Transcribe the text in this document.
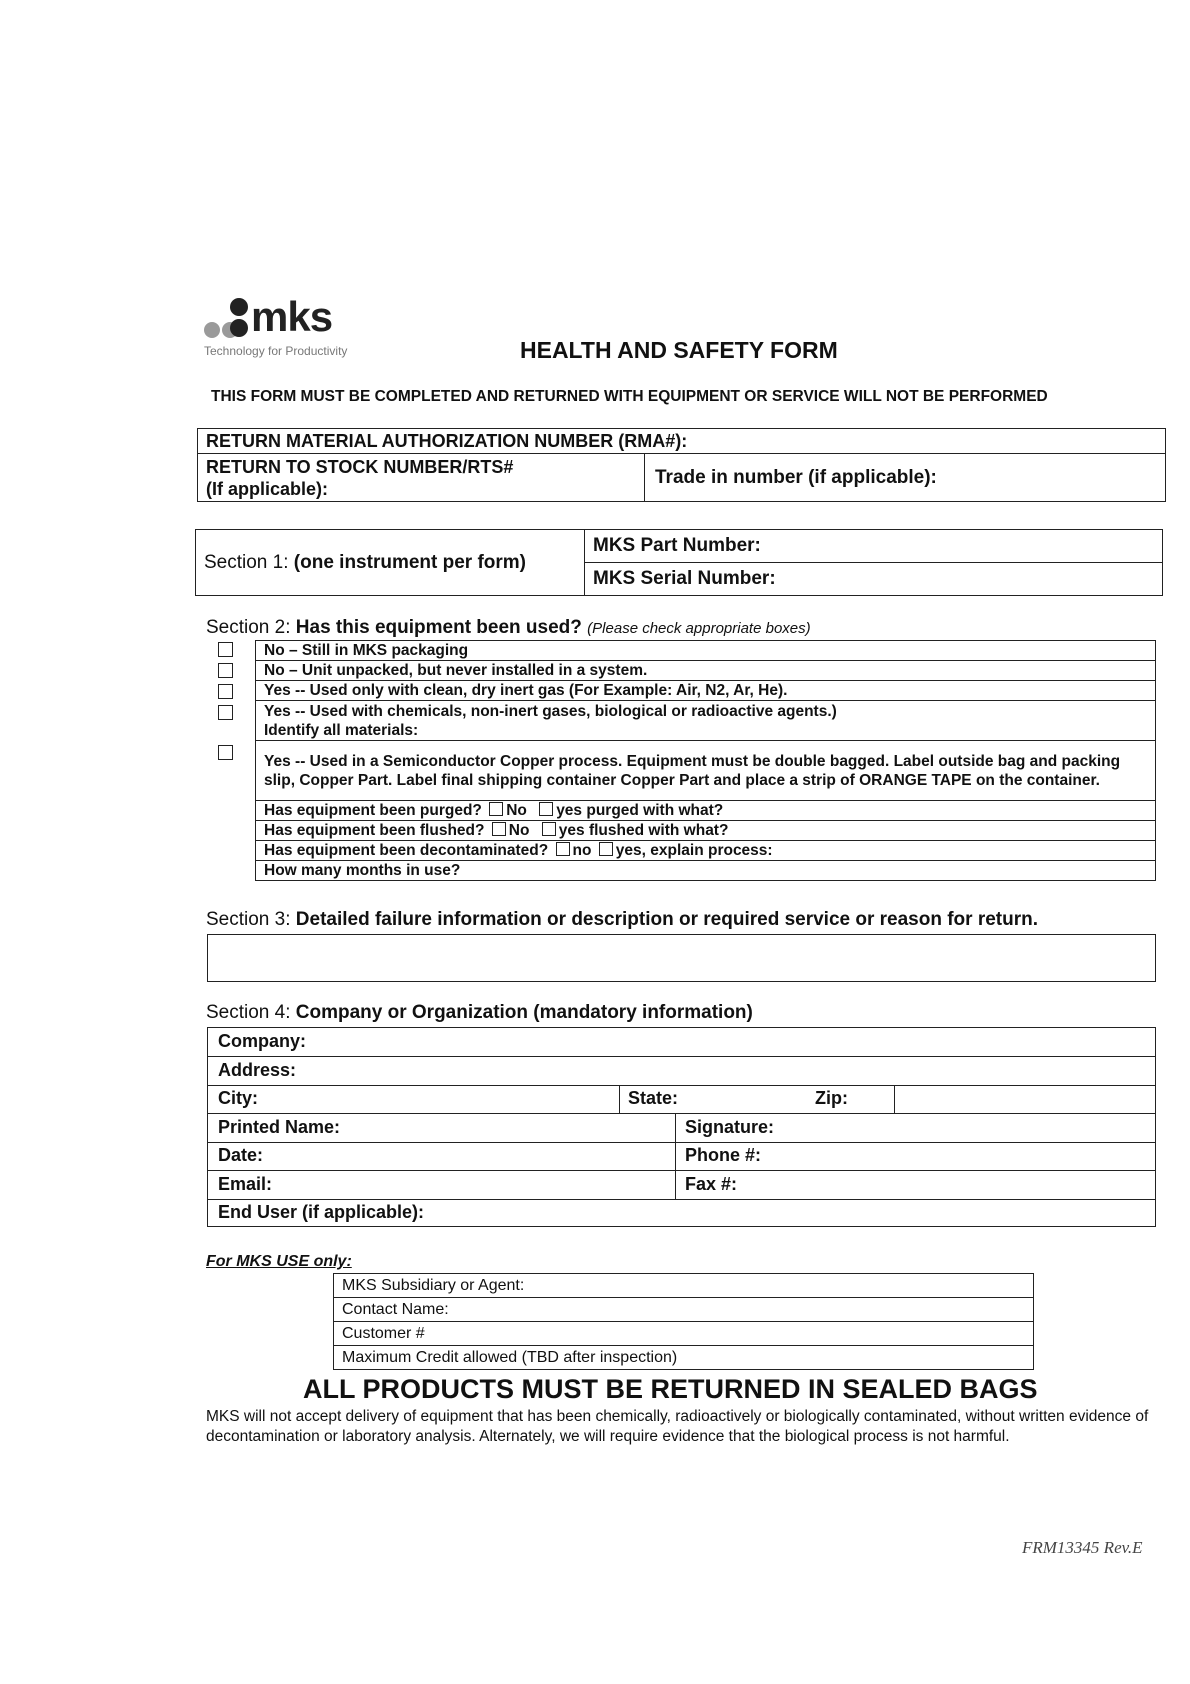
mks
Technology for Productivity	HEALTH AND SAFETY FORM
THIS FORM MUST BE COMPLETED AND RETURNED WITH EQUIPMENT OR SERVICE WILL NOT BE PERFORMED
RETURN MATERIAL AUTHORIZATION NUMBER (RMA#):

RETURN TO STOCK NUMBER/RTS#
(If applicable):
	Trade in number (if applicable):
Section 1: (one instrument per form)	MKS Part Number:
MKS Serial Number:
Section 2: Has this equipment been used? (Please check appropriate boxes)
No – Still in MKS packaging
No – Unit unpacked, but never installed in a system.
Yes -- Used only with clean, dry inert gas (For Example: Air, N2, Ar, He).

Yes -- Used with chemicals, non-inert gases, biological or radioactive agents.)
Identify all materials:

Yes -- Used in a Semiconductor Copper process. Equipment must be double bagged. Label outside bag and packing slip, Copper Part. Label final shipping container Copper Part and place a strip of ORANGE TAPE on the container.

Has equipment been purged? No yes purged with what?
Has equipment been flushed? No yes flushed with what?
Has equipment been decontaminated? no yes, explain process:
How many months in use?
Section 3: Detailed failure information or description or required service or reason for return.
Section 4: Company or Organization (mandatory information)
Company:
Address:
City:	State:	Zip:
Printed Name:	Signature:
Date:	Phone #:
Email:	Fax #:
End User (if applicable):
For MKS USE only:
MKS Subsidiary or Agent:
Contact Name:
Customer #
Maximum Credit allowed (TBD after inspection)
ALL PRODUCTS MUST BE RETURNED IN SEALED BAGS
MKS will not accept delivery of equipment that has been chemically, radioactively or biologically contaminated, without written evidence of decontamination or laboratory analysis. Alternately, we will require evidence that the biological process is not harmful.
FRM13345 Rev.E
